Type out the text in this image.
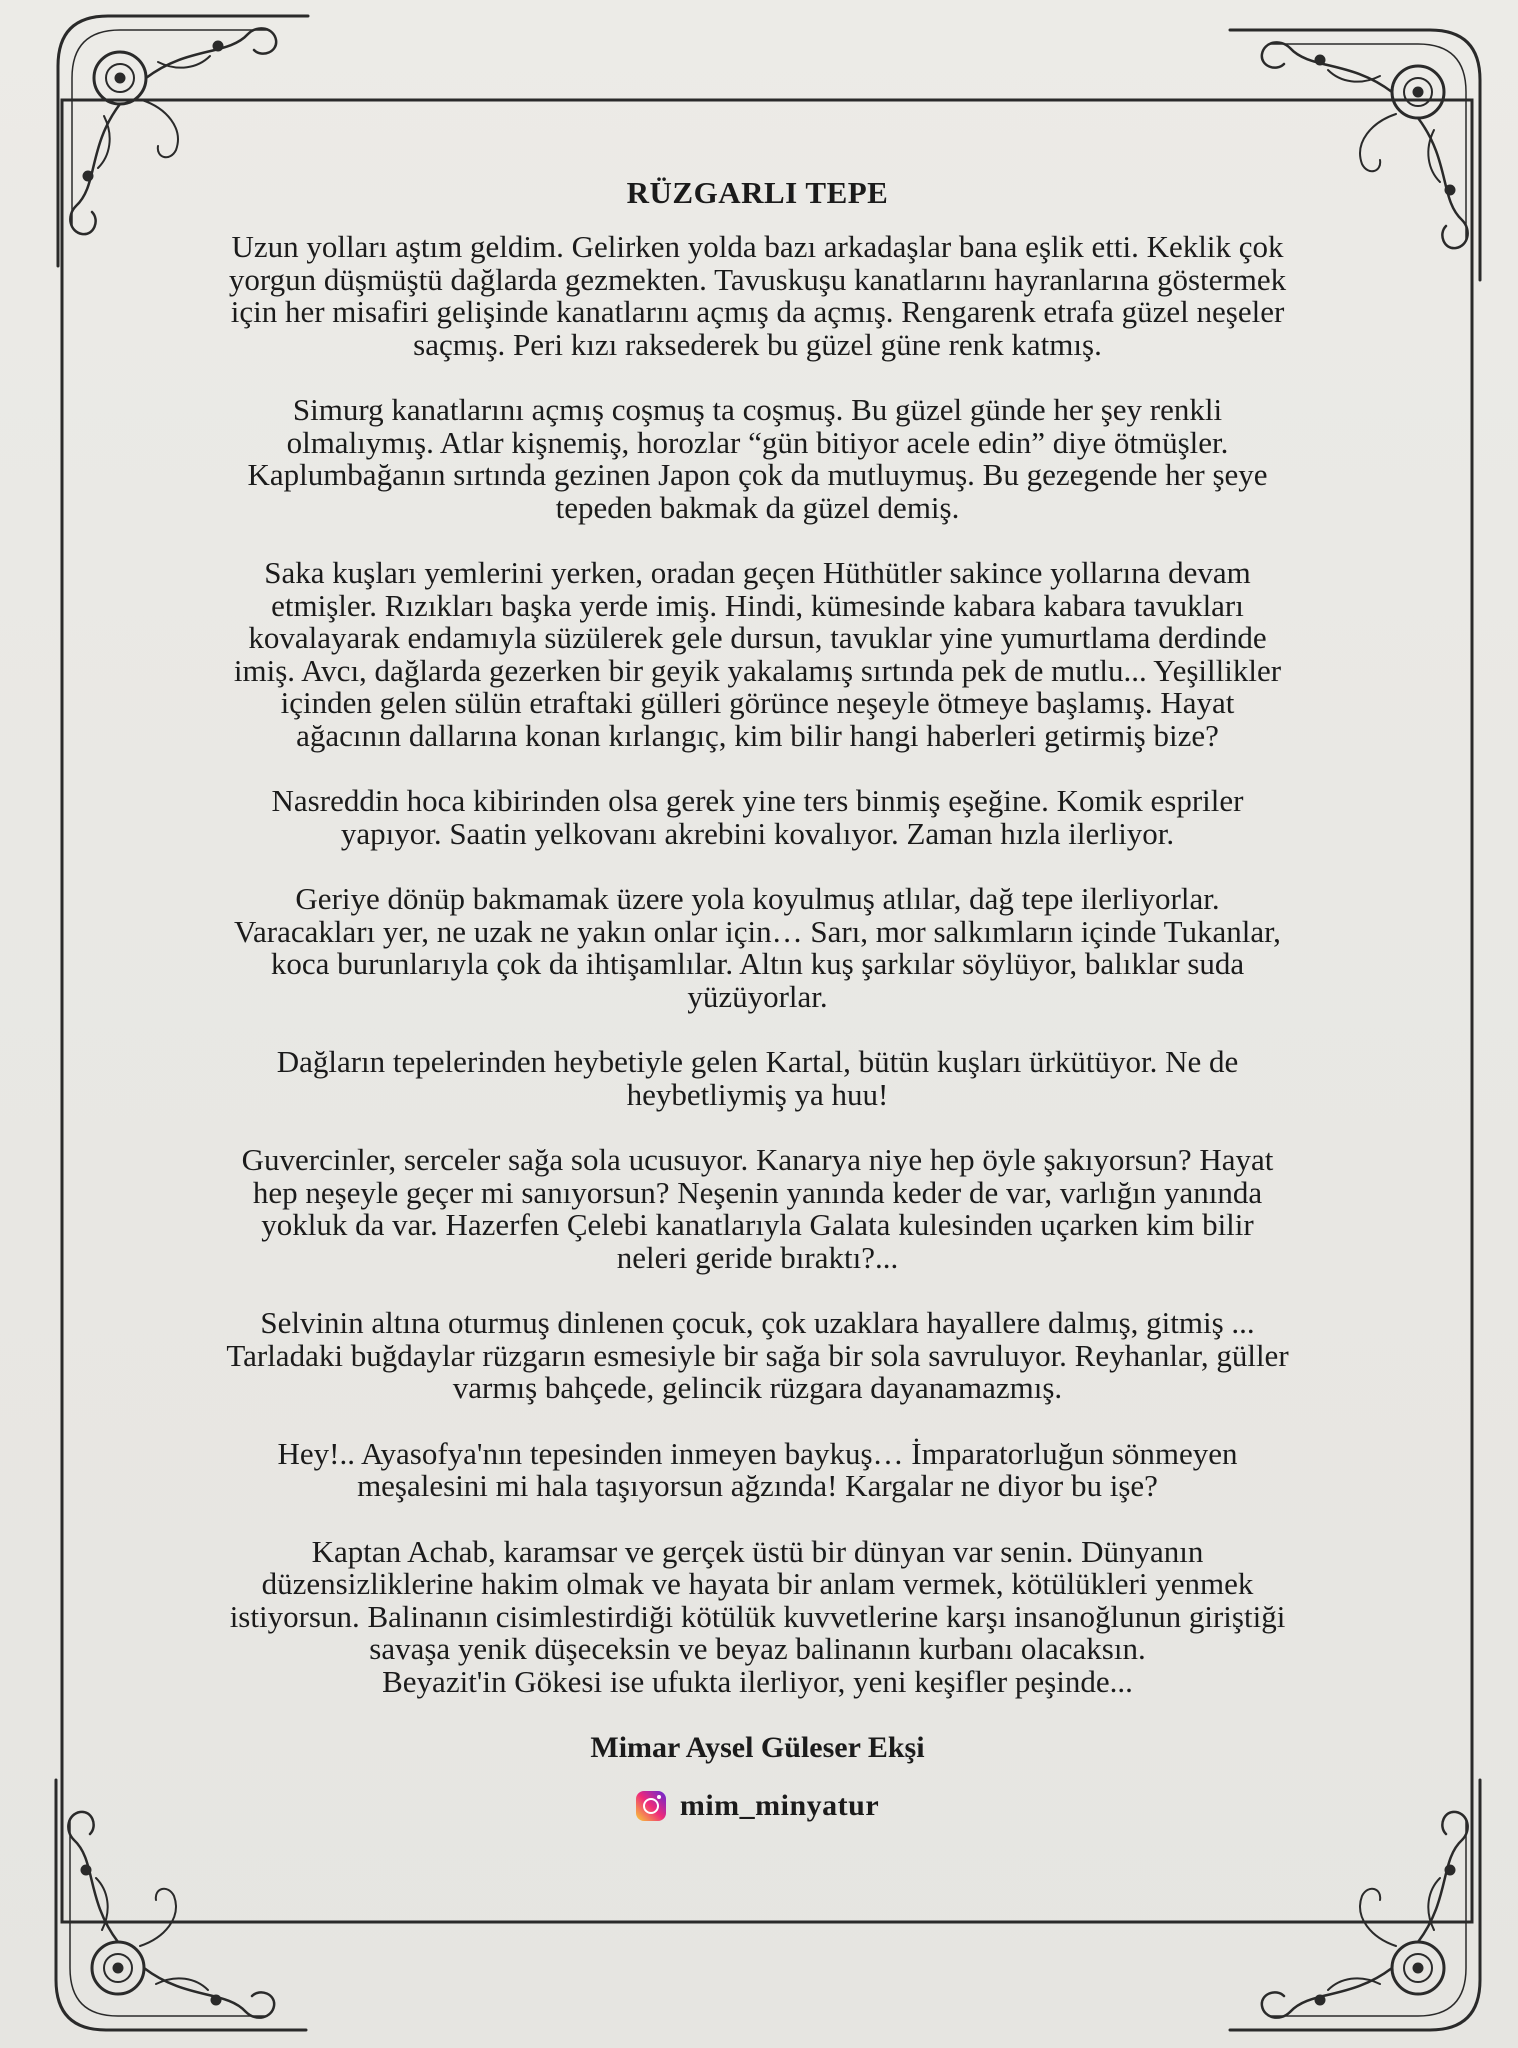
RÜZGARLI TEPE
Uzun yolları aştım geldim. Gelirken yolda bazı arkadaşlar bana eşlik etti. Keklik çok
yorgun düşmüştü dağlarda gezmekten. Tavuskuşu kanatlarını hayranlarına göstermek
için her misafiri gelişinde kanatlarını açmış da açmış. Rengarenk etrafa güzel neşeler
saçmış. Peri kızı raksederek bu güzel güne renk katmış.
Simurg kanatlarını açmış coşmuş ta coşmuş. Bu güzel günde her şey renkli
olmalıymış. Atlar kişnemiş, horozlar “gün bitiyor acele edin” diye ötmüşler.
Kaplumbağanın sırtında gezinen Japon çok da mutluymuş. Bu gezegende her şeye
tepeden bakmak da güzel demiş.
Saka kuşları yemlerini yerken, oradan geçen Hüthütler sakince yollarına devam
etmişler. Rızıkları başka yerde imiş. Hindi, kümesinde kabara kabara tavukları
kovalayarak endamıyla süzülerek gele dursun, tavuklar yine yumurtlama derdinde
imiş. Avcı, dağlarda gezerken bir geyik yakalamış sırtında pek de mutlu... Yeşillikler
içinden gelen sülün etraftaki gülleri görünce neşeyle ötmeye başlamış. Hayat
ağacının dallarına konan kırlangıç, kim bilir hangi haberleri getirmiş bize?
Nasreddin hoca kibirinden olsa gerek yine ters binmiş eşeğine. Komik espriler
yapıyor. Saatin yelkovanı akrebini kovalıyor. Zaman hızla ilerliyor.
Geriye dönüp bakmamak üzere yola koyulmuş atlılar, dağ tepe ilerliyorlar.
Varacakları yer, ne uzak ne yakın onlar için… Sarı, mor salkımların içinde Tukanlar,
koca burunlarıyla çok da ihtişamlılar. Altın kuş şarkılar söylüyor, balıklar suda
yüzüyorlar.
Dağların tepelerinden heybetiyle gelen Kartal, bütün kuşları ürkütüyor. Ne de
heybetliymiş ya huu!
Guvercinler, serceler sağa sola ucusuyor. Kanarya niye hep öyle şakıyorsun? Hayat
hep neşeyle geçer mi sanıyorsun? Neşenin yanında keder de var, varlığın yanında
yokluk da var. Hazerfen Çelebi kanatlarıyla Galata kulesinden uçarken kim bilir
neleri geride bıraktı?...
Selvinin altına oturmuş dinlenen çocuk, çok uzaklara hayallere dalmış, gitmiş ...
Tarladaki buğdaylar rüzgarın esmesiyle bir sağa bir sola savruluyor. Reyhanlar, güller
varmış bahçede, gelincik rüzgara dayanamazmış.
Hey!.. Ayasofya'nın tepesinden inmeyen baykuş… İmparatorluğun sönmeyen
meşalesini mi hala taşıyorsun ağzında! Kargalar ne diyor bu işe?
Kaptan Achab, karamsar ve gerçek üstü bir dünyan var senin. Dünyanın
düzensizliklerine hakim olmak ve hayata bir anlam vermek, kötülükleri yenmek
istiyorsun. Balinanın cisimlestirdiği kötülük kuvvetlerine karşı insanoğlunun giriştiği
savaşa yenik düşeceksin ve beyaz balinanın kurbanı olacaksın.
Beyazit'in Gökesi ise ufukta ilerliyor, yeni keşifler peşinde...
Mimar Aysel Güleser Ekşi
mim_minyatur
